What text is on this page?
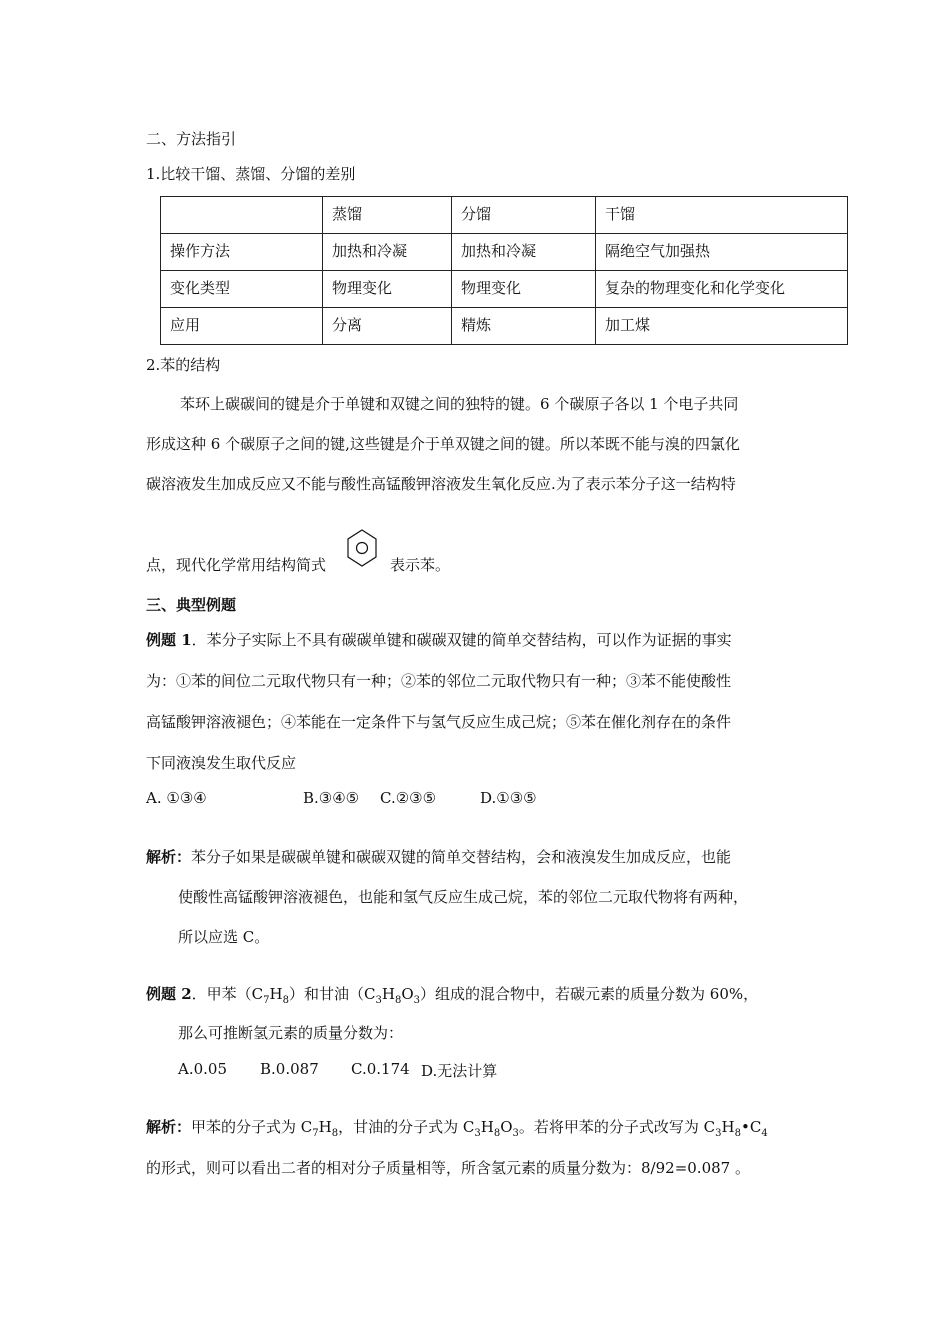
二、方法指引
1.比较干馏、蒸馏、分馏的差别
	蒸馏	分馏	干馏
操作方法	加热和冷凝	加热和冷凝	隔绝空气加强热
变化类型	物理变化	物理变化	复杂的物理变化和化学变化
应用	分离	精炼	加工煤
2.苯的结构
苯环上碳碳间的键是介于单键和双键之间的独特的键。6 个碳原子各以 1 个电子共同
形成这种 6 个碳原子之间的键,这些键是介于单双键之间的键。所以苯既不能与溴的四氯化
碳溶液发生加成反应又不能与酸性高锰酸钾溶液发生氧化反应.为了表示苯分子这一结构特
点，现代化学常用结构简式	表示苯。
三、典型例题
例题 1．苯分子实际上不具有碳碳单键和碳碳双键的简单交替结构，可以作为证据的事实
为：①苯的间位二元取代物只有一种；②苯的邻位二元取代物只有一种；③苯不能使酸性
高锰酸钾溶液褪色；④苯能在一定条件下与氢气反应生成己烷；⑤苯在催化剂存在的条件
下同液溴发生取代反应
A. ①③④	B.③④⑤ C.②③⑤	D.①③⑤
解析：苯分子如果是碳碳单键和碳碳双键的简单交替结构，会和液溴发生加成反应，也能
使酸性高锰酸钾溶液褪色，也能和氢气反应生成己烷，苯的邻位二元取代物将有两种，
所以应选 C。
例题 2．甲苯$(C_7H_8)$和甘油$(C_3H_8O_3)$组成的混合物中，若碳元素的质量分数为 60%，
那么可推断氢元素的质量分数为：
A.0.05 B.0.087 C.0.174 D.无法计算
解析：甲苯的分子式为 $C_7H_8$，甘油的分子式为 $C_3H_8O_3$。若将甲苯的分子式改写为 $C_3H_8•C_4$
的形式，则可以看出二者的相对分子质量相等，所含氢元素的质量分数为：8/92=0.087 。
